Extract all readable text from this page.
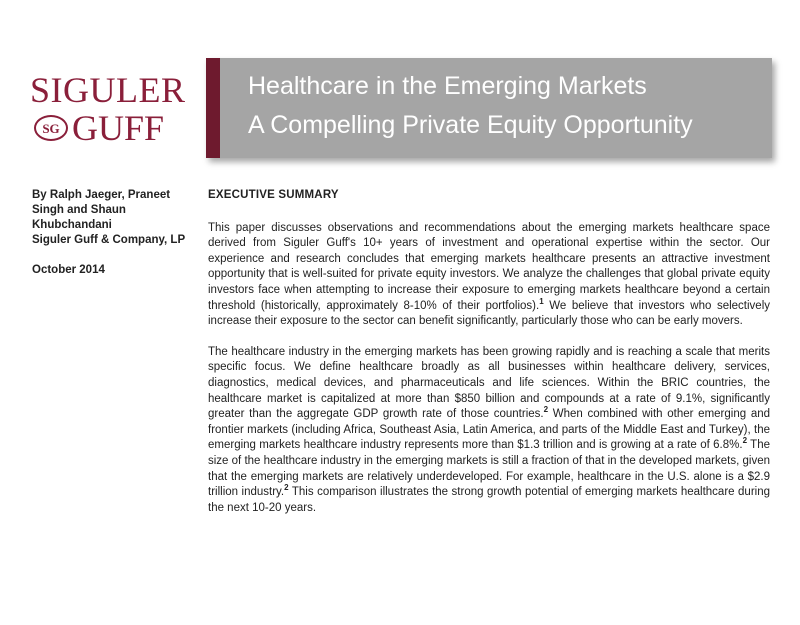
SIGULER
SG GUFF
Healthcare in the Emerging Markets
A Compelling Private Equity Opportunity
By Ralph Jaeger, Praneet Singh and Shaun Khubchandani
Siguler Guff & Company, LP
October 2014
EXECUTIVE SUMMARY

This paper discusses observations and recommendations about the emerging markets healthcare space derived from Siguler Guff's 10+ years of investment and operational expertise within the sector. Our experience and research concludes that emerging markets healthcare presents an attractive investment opportunity that is well-suited for private equity investors. We analyze the challenges that global private equity investors face when attempting to increase their exposure to emerging markets healthcare beyond a certain threshold (historically, approximately 8-10% of their portfolios).$^1$ We believe that investors who selectively increase their exposure to the sector can benefit significantly, particularly those who can be early movers.

The healthcare industry in the emerging markets has been growing rapidly and is reaching a scale that merits specific focus. We define healthcare broadly as all businesses within healthcare delivery, services, diagnostics, medical devices, and pharmaceuticals and life sciences. Within the BRIC countries, the healthcare market is capitalized at more than $850 billion and compounds at a rate of 9.1%, significantly greater than the aggregate GDP growth rate of those countries.$^2$ When combined with other emerging and frontier markets (including Africa, Southeast Asia, Latin America, and parts of the Middle East and Turkey), the emerging markets healthcare industry represents more than $1.3 trillion and is growing at a rate of 6.8%.$^2$ The size of the healthcare industry in the emerging markets is still a fraction of that in the developed markets, given that the emerging markets are relatively underdeveloped. For example, healthcare in the U.S. alone is a $2.9 trillion industry.$^2$ This comparison illustrates the strong growth potential of emerging markets healthcare during the next 10-20 years.
